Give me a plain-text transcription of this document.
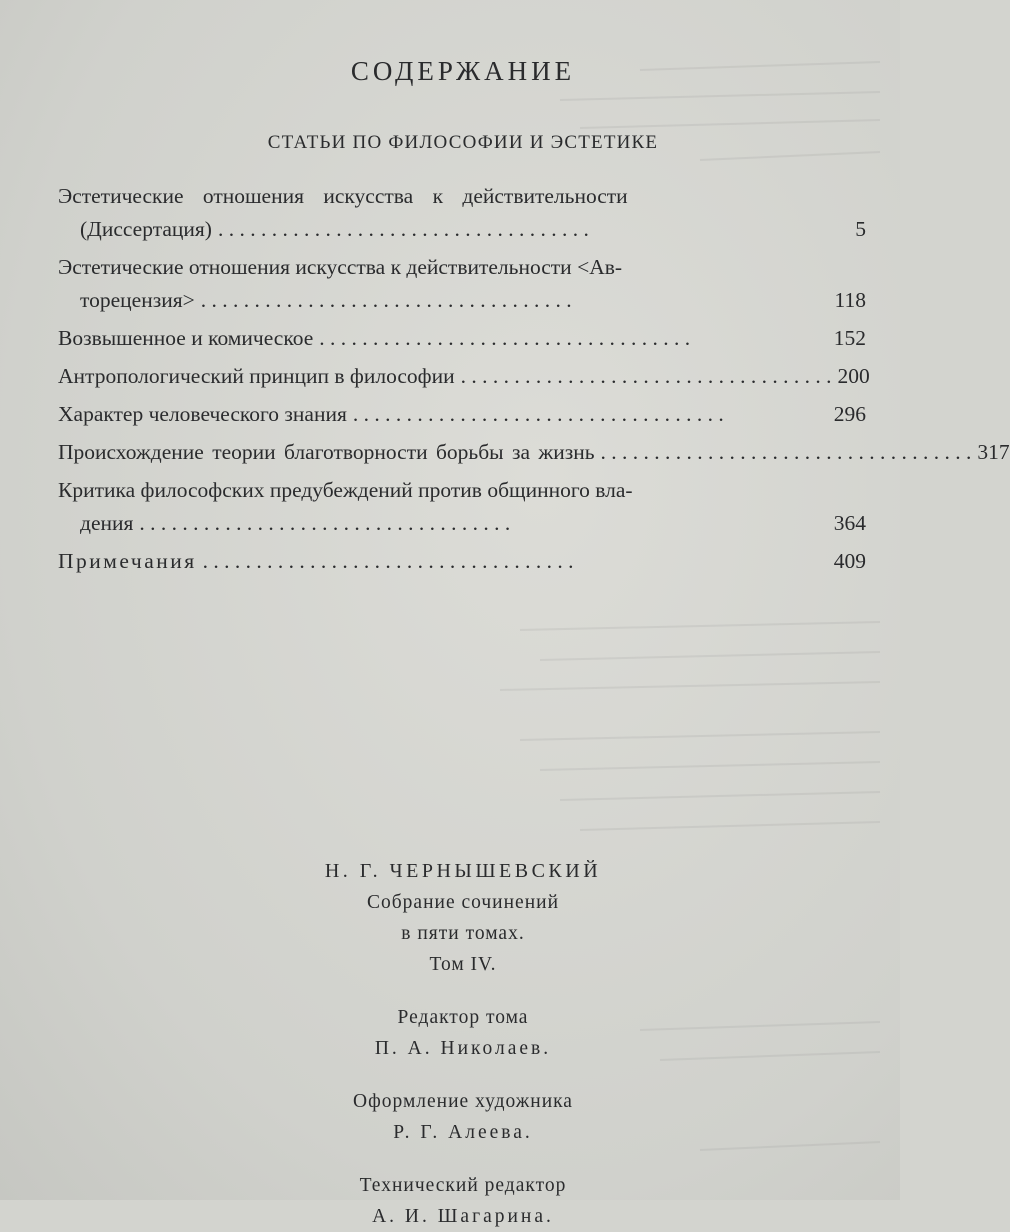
СОДЕРЖАНИЕ
СТАТЬИ ПО ФИЛОСОФИИ И ЭСТЕТИКЕ
Эстетические отношения искусства к действительности
(Диссертация) . .	5
Эстетические отношения искусства к действительности <Ав-
торецензия> . .	118
Возвышенное и комическое . .	152
Антропологический принцип в философии . .	200
Характер человеческого знания . .	296
Происхождение теории благотворности борьбы за жизнь . .	317
Критика философских предубеждений против общинного вла-
дения . .	364
Примечания . .	409
Н. Г. ЧЕРНЫШЕВСКИЙ
Собрание сочинений
в пяти томах.
Том IV.
Редактор тома
П. А. Николаев.
Оформление художника
Р. Г. Алеева.
Технический редактор
А. И. Шагарина.
